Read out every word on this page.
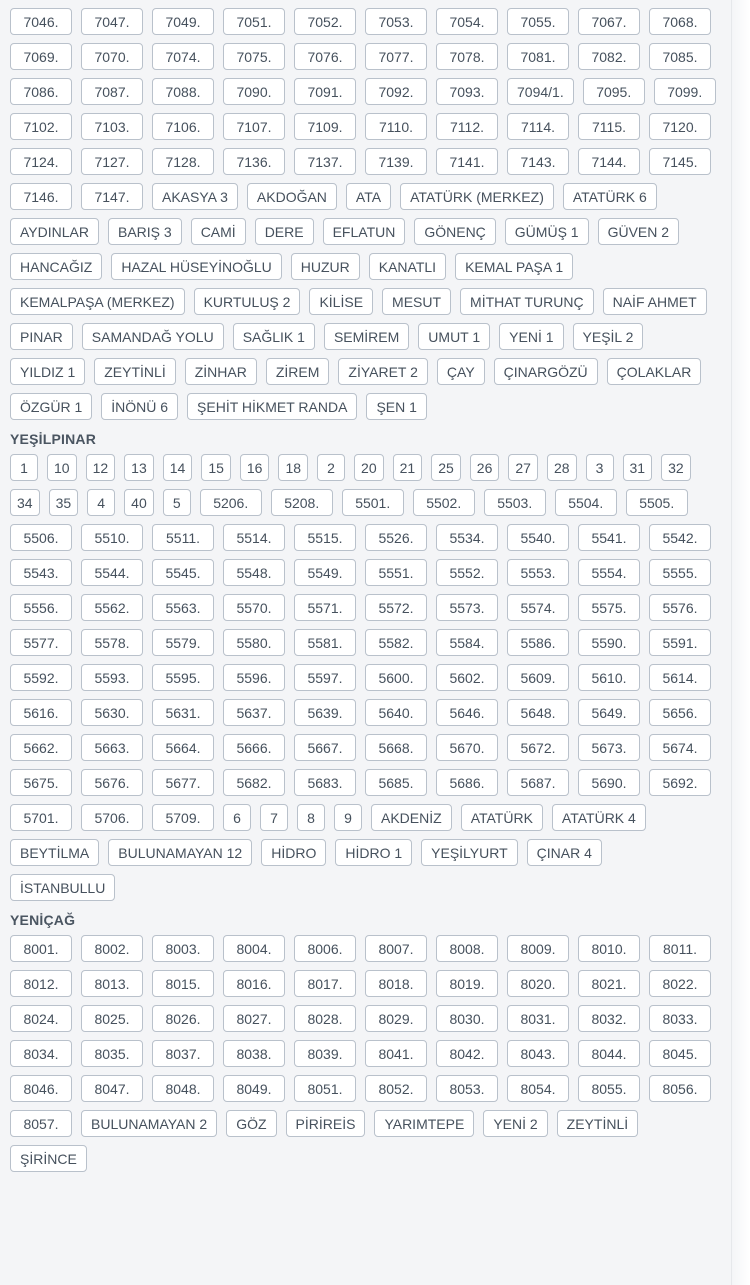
7046.	7047.	7049.	7051.	7052.	7053.	7054.	7055.	7067.	7068.
7069.	7070.	7074.	7075.	7076.	7077.	7078.	7081.	7082.	7085.
7086.	7087.	7088.	7090.	7091.	7092.	7093.	7094/1.	7095.	7099.
7102.	7103.	7106.	7107.	7109.	7110.	7112.	7114.	7115.	7120.
7124.	7127.	7128.	7136.	7137.	7139.	7141.	7143.	7144.	7145.
7146.	7147.	AKASYA 3	AKDOĞAN	ATA	ATATÜRK (MERKEZ)	ATATÜRK 6
AYDINLAR	BARIŞ 3	CAMİ	DERE	EFLATUN	GÖNENÇ	GÜMÜŞ 1	GÜVEN 2
HANCAĞIZ	HAZAL HÜSEYİNOĞLU	HUZUR	KANATLI	KEMAL PAŞA 1
KEMALPAŞA (MERKEZ)	KURTULUŞ 2	KİLİSE	MESUT	MİTHAT TURUNÇ	NAİF AHMET
PINAR	SAMANDAĞ YOLU	SAĞLIK 1	SEMİREM	UMUT 1	YENİ 1	YEŞİL 2
YILDIZ 1	ZEYTİNLİ	ZİNHAR	ZİREM	ZİYARET 2	ÇAY	ÇINARGÖZÜ	ÇOLAKLAR
ÖZGÜR 1	İNÖNÜ 6	ŞEHİT HİKMET RANDA	ŞEN 1
YEŞİLPINAR
1	10	12	13	14	15	16	18	2	20	21	25	26	27	28	3	31	32
34	35	4	40	5	5206.	5208.	5501.	5502.	5503.	5504.	5505.
5506.	5510.	5511.	5514.	5515.	5526.	5534.	5540.	5541.	5542.
5543.	5544.	5545.	5548.	5549.	5551.	5552.	5553.	5554.	5555.
5556.	5562.	5563.	5570.	5571.	5572.	5573.	5574.	5575.	5576.
5577.	5578.	5579.	5580.	5581.	5582.	5584.	5586.	5590.	5591.
5592.	5593.	5595.	5596.	5597.	5600.	5602.	5609.	5610.	5614.
5616.	5630.	5631.	5637.	5639.	5640.	5646.	5648.	5649.	5656.
5662.	5663.	5664.	5666.	5667.	5668.	5670.	5672.	5673.	5674.
5675.	5676.	5677.	5682.	5683.	5685.	5686.	5687.	5690.	5692.
5701.	5706.	5709.	6	7	8	9	AKDENİZ	ATATÜRK	ATATÜRK 4
BEYTİLMA	BULUNAMAYAN 12	HİDRO	HİDRO 1	YEŞİLYURT	ÇINAR 4
İSTANBULLU
YENİÇAĞ
8001.	8002.	8003.	8004.	8006.	8007.	8008.	8009.	8010.	8011.
8012.	8013.	8015.	8016.	8017.	8018.	8019.	8020.	8021.	8022.
8024.	8025.	8026.	8027.	8028.	8029.	8030.	8031.	8032.	8033.
8034.	8035.	8037.	8038.	8039.	8041.	8042.	8043.	8044.	8045.
8046.	8047.	8048.	8049.	8051.	8052.	8053.	8054.	8055.	8056.
8057.	BULUNAMAYAN 2	GÖZ	PİRİREİS	YARIMTEPE	YENİ 2	ZEYTİNLİ
ŞİRİNCE
